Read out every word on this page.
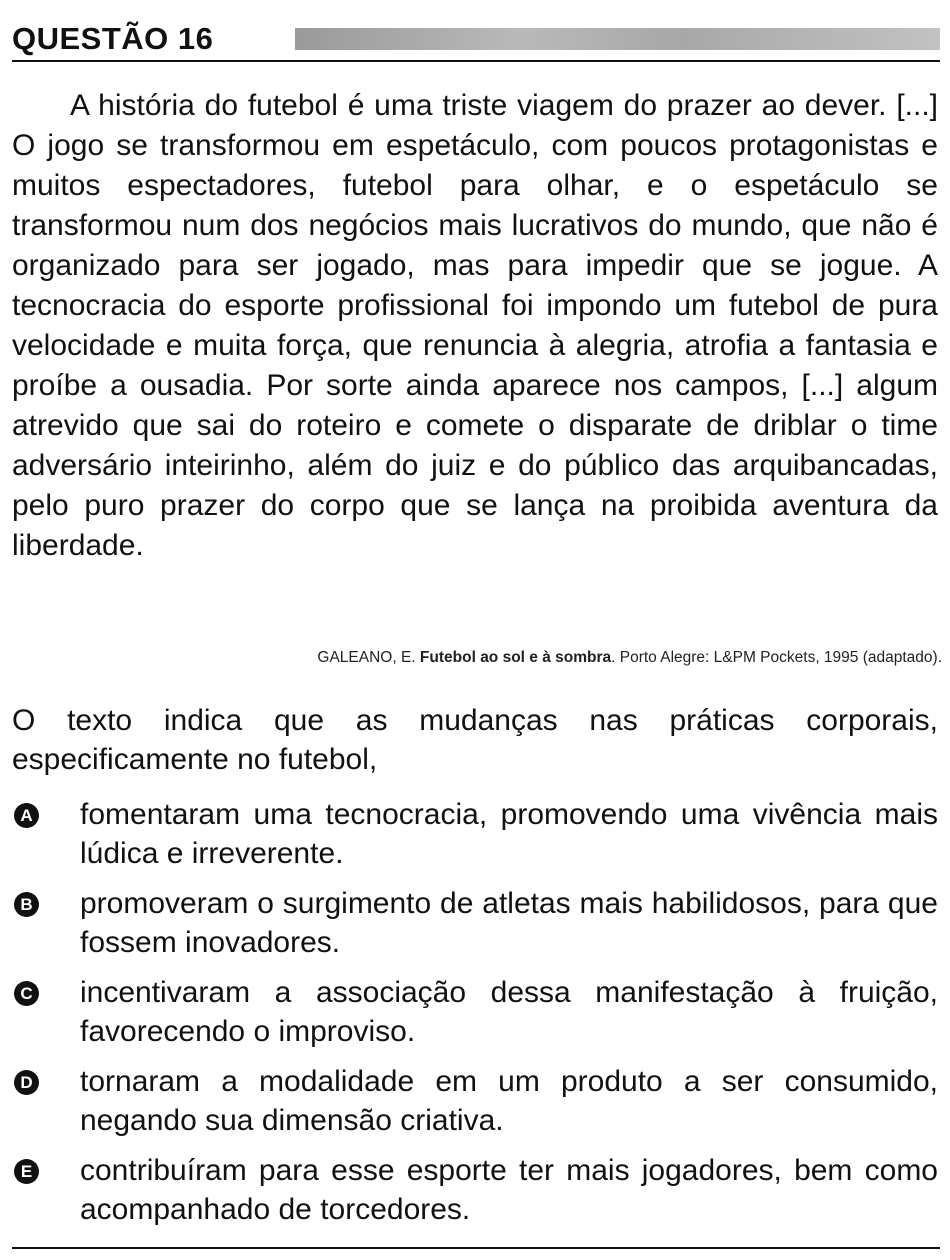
QUESTÃO 16

A história do futebol é uma triste viagem do prazer ao dever. [...] O jogo se transformou em espetáculo, com poucos protagonistas e muitos espectadores, futebol para olhar, e o espetáculo se transformou num dos negócios mais lucrativos do mundo, que não é organizado para ser jogado, mas para impedir que se jogue. A tecnocracia do esporte profissional foi impondo um futebol de pura velocidade e muita força, que renuncia à alegria, atrofia a fantasia e proíbe a ousadia. Por sorte ainda aparece nos campos, [...] algum atrevido que sai do roteiro e comete o disparate de driblar o time adversário inteirinho, além do juiz e do público das arquibancadas, pelo puro prazer do corpo que se lança na proibida aventura da liberdade.

GALEANO, E. Futebol ao sol e à sombra. Porto Alegre: L&PM Pockets, 1995 (adaptado).

O texto indica que as mudanças nas práticas corporais, especificamente no futebol,

A fomentaram uma tecnocracia, promovendo uma vivência mais lúdica e irreverente.
B promoveram o surgimento de atletas mais habilidosos, para que fossem inovadores.
C incentivaram a associação dessa manifestação à fruição, favorecendo o improviso.
D tornaram a modalidade em um produto a ser consumido, negando sua dimensão criativa.
E contribuíram para esse esporte ter mais jogadores, bem como acompanhado de torcedores.
